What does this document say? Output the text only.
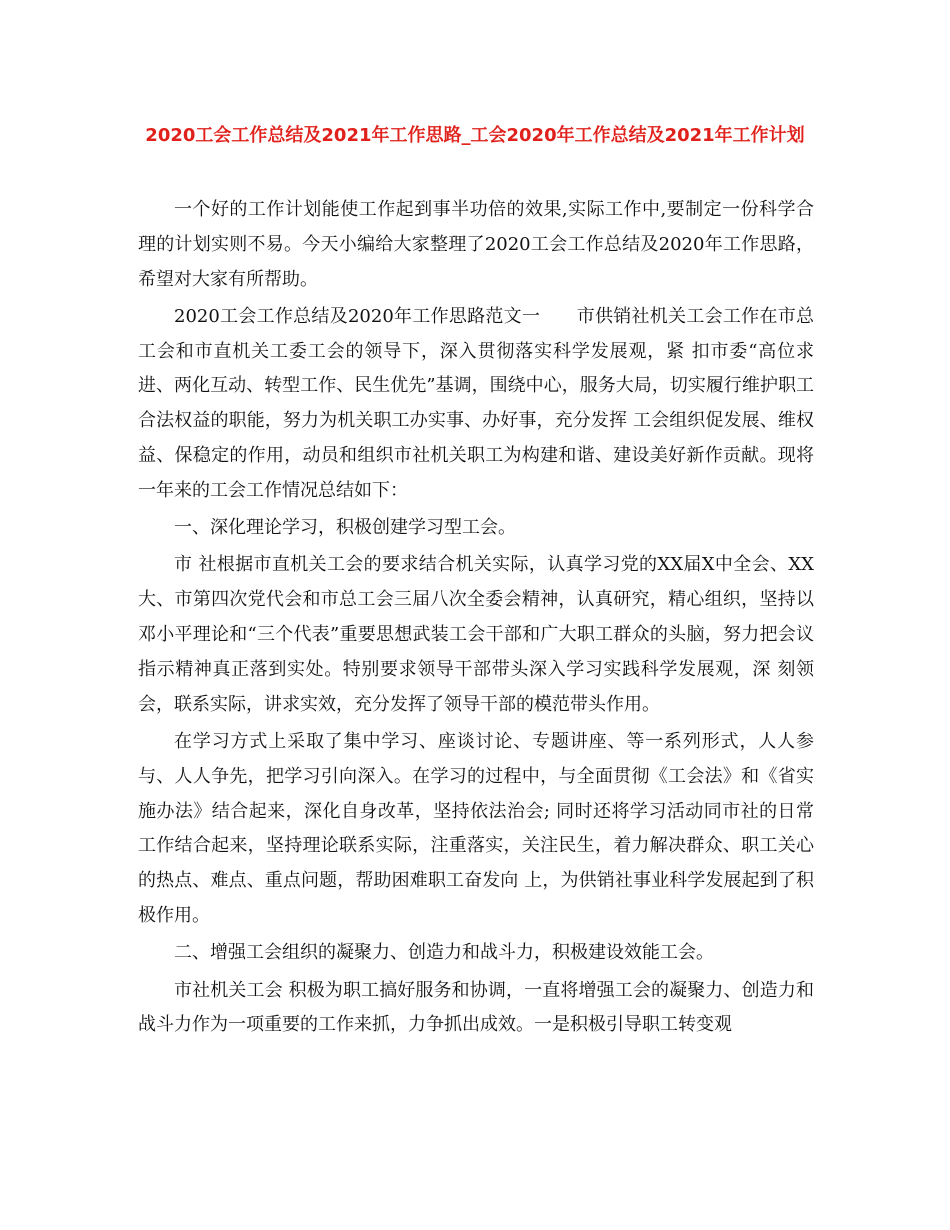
2020工会工作总结及2021年工作思路_工会2020年工作总结及2021年工作计划

一个好的工作计划能使工作起到事半功倍的效果,实际工作中,要制定一份科学合理的计划实则不易。今天小编给大家整理了2020工会工作总结及2020年工作思路，希望对大家有所帮助。

2020工会工作总结及2020年工作思路范文一　　市供销社机关工会工作在市总工会和市直机关工委工会的领导下，深入贯彻落实科学发展观，紧 扣市委“高位求进、两化互动、转型工作、民生优先”基调，围绕中心，服务大局，切实履行维护职工合法权益的职能，努力为机关职工办实事、办好事，充分发挥 工会组织促发展、维权益、保稳定的作用，动员和组织市社机关职工为构建和谐、建设美好新作贡献。现将一年来的工会工作情况总结如下：

一、深化理论学习，积极创建学习型工会。

市 社根据市直机关工会的要求结合机关实际，认真学习党的XX届X中全会、XX大、市第四次党代会和市总工会三届八次全委会精神，认真研究，精心组织，坚持以 邓小平理论和“三个代表”重要思想武装工会干部和广大职工群众的头脑，努力把会议指示精神真正落到实处。特别要求领导干部带头深入学习实践科学发展观，深 刻领会，联系实际，讲求实效，充分发挥了领导干部的模范带头作用。

在学习方式上采取了集中学习、座谈讨论、专题讲座、等一系列形式，人人参与、人人争先，把学习引向深入。在学习的过程中，与全面贯彻《工会法》和《省实施办法》结合起来，深化自身改革，坚持依法治会; 同时还将学习活动同市社的日常工作结合起来，坚持理论联系实际，注重落实，关注民生，着力解决群众、职工关心的热点、难点、重点问题，帮助困难职工奋发向 上，为供销社事业科学发展起到了积极作用。

二、增强工会组织的凝聚力、创造力和战斗力，积极建设效能工会。

市社机关工会 积极为职工搞好服务和协调，一直将增强工会的凝聚力、创造力和战斗力作为一项重要的工作来抓，力争抓出成效。一是积极引导职工转变观
